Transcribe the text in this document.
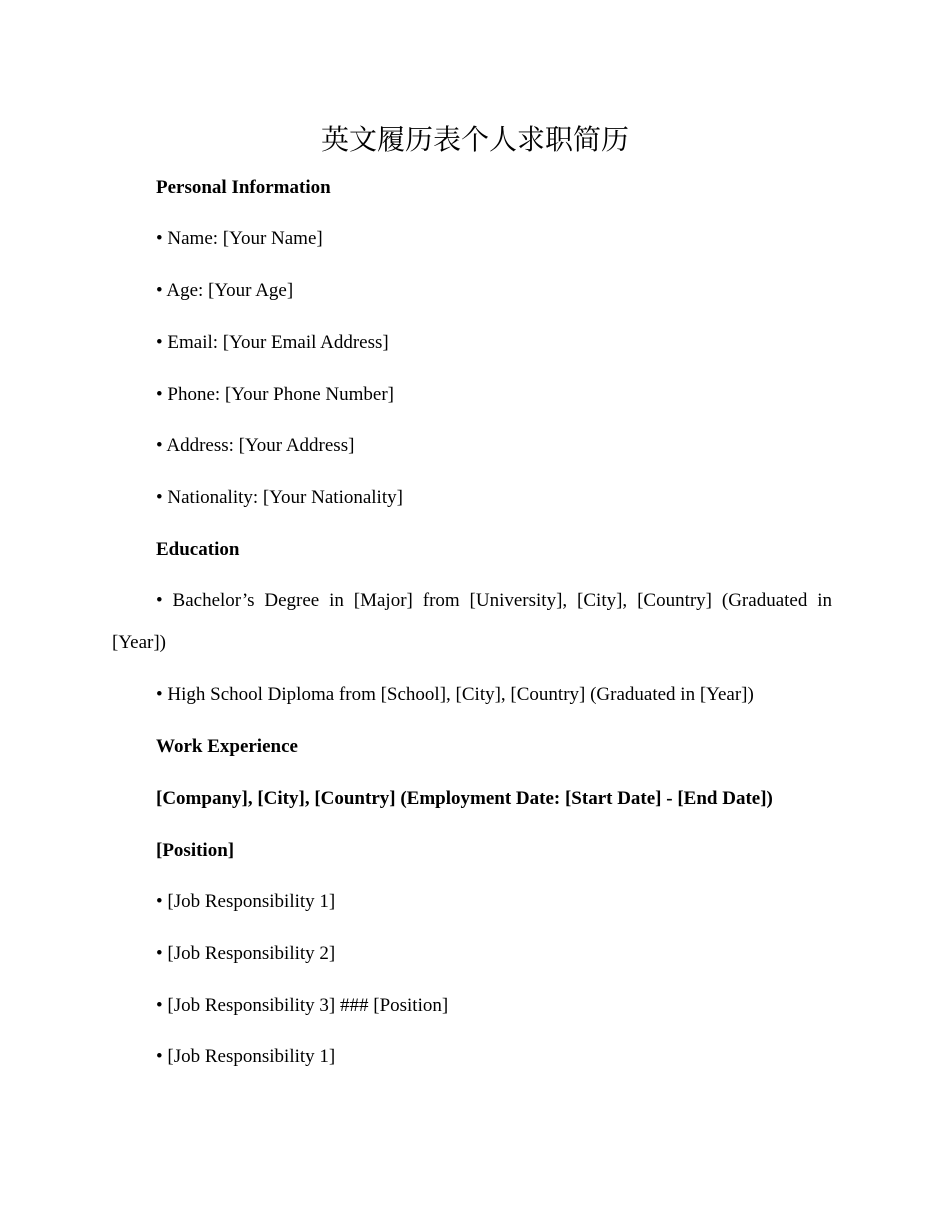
英文履历表个人求职简历

Personal Information

• Name: [Your Name]

• Age: [Your Age]

• Email: [Your Email Address]

• Phone: [Your Phone Number]

• Address: [Your Address]

• Nationality: [Your Nationality]

Education

• Bachelor’s Degree in [Major] from [University], [City], [Country] (Graduated in [Year])

• High School Diploma from [School], [City], [Country] (Graduated in [Year])

Work Experience

[Company], [City], [Country] (Employment Date: [Start Date] - [End Date])

[Position]

• [Job Responsibility 1]

• [Job Responsibility 2]

• [Job Responsibility 3] ### [Position]

• [Job Responsibility 1]
